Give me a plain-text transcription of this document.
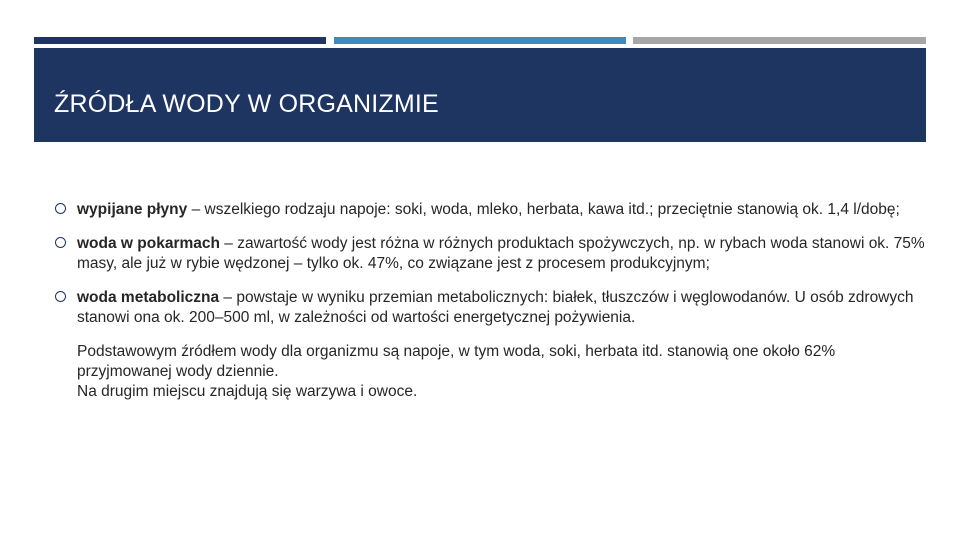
ŹRÓDŁA WODY W ORGANIZMIE
wypijane płyny – wszelkiego rodzaju napoje: soki, woda, mleko, herbata, kawa itd.; przeciętnie stanowią ok. 1,4 l/dobę;
woda w pokarmach – zawartość wody jest różna w różnych produktach spożywczych, np. w rybach woda stanowi ok. 75% masy, ale już w rybie wędzonej – tylko ok. 47%, co związane jest z procesem produkcyjnym;
woda metaboliczna – powstaje w wyniku przemian metabolicznych: białek, tłuszczów i węglowodanów. U osób zdrowych stanowi ona ok. 200–500 ml, w zależności od wartości energetycznej pożywienia.

Podstawowym źródłem wody dla organizmu są napoje, w tym woda, soki, herbata itd. stanowią one około 62% przyjmowanej wody dziennie.
Na drugim miejscu znajdują się warzywa i owoce.
